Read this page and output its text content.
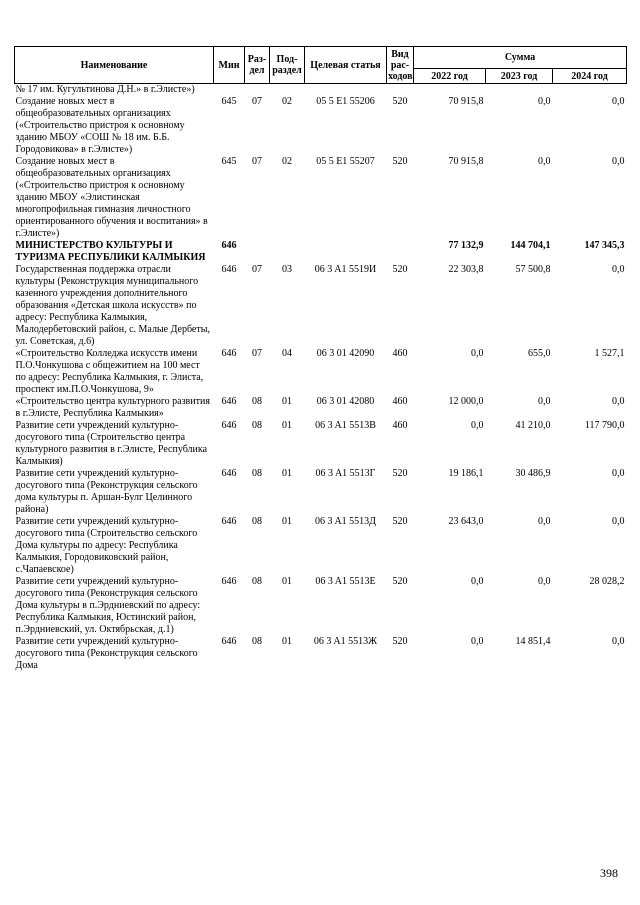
Наименование	Мин	Раз-дел	Под-раздел	Целевая статья	Вид рас-ходов	Сумма		
						2022 год	2023 год	2024 год
№ 17 им. Кугультинова Д.Н.» в г.Элисте»)								
Создание новых мест в общеобразовательных организациях («Строительство пристроя к основному зданию МБОУ «СОШ № 18 им. Б.Б. Городовикова» в г.Элисте»)	645	07	02	05 5 E1 55206	520	70 915,8	0,0	0,0
Создание новых мест в общеобразовательных организациях («Строительство пристроя к основному зданию МБОУ «Элистинская многопрофильная гимназия личностного ориентированного обучения и воспитания» в г.Элисте»)	645	07	02	05 5 E1 55207	520	70 915,8	0,0	0,0
МИНИСТЕРСТВО КУЛЬТУРЫ И ТУРИЗМА РЕСПУБЛИКИ КАЛМЫКИЯ	646					77 132,9	144 704,1	147 345,3
Государственная поддержка отрасли культуры (Реконструкция муниципального казенного учреждения дополнительного образования «Детская школа искусств» по адресу: Республика Калмыкия, Малодербетовский район, с. Малые Дербеты, ул. Советская, д.6)	646	07	03	06 3 A1 5519И	520	22 303,8	57 500,8	0,0
«Строительство Колледжа искусств имени П.О.Чонкушова с общежитием на 100 мест по адресу: Республика Калмыкия, г. Элиста, проспект им.П.О.Чонкушова, 9»	646	07	04	06 3 01 42090	460	0,0	655,0	1 527,1
«Строительство центра культурного развития в г.Элисте, Республика Калмыкия»	646	08	01	06 3 01 42080	460	12 000,0	0,0	0,0
Развитие сети учреждений культурно-досугового типа (Строительство центра культурного развития в г.Элисте, Республика Калмыкия)	646	08	01	06 3 A1 5513В	460	0,0	41 210,0	117 790,0
Развитие сети учреждений культурно-досугового типа (Реконструкция сельского дома культуры п. Аршан-Булг Целинного района)	646	08	01	06 3 A1 5513Г	520	19 186,1	30 486,9	0,0
Развитие сети учреждений культурно-досугового типа (Строительство сельского Дома культуры по адресу: Республика Калмыкия, Городовиковский район, с.Чапаевское)	646	08	01	06 3 A1 5513Д	520	23 643,0	0,0	0,0
Развитие сети учреждений культурно-досугового типа (Реконструкция сельского Дома культуры в п.Эрдниевский по адресу: Республика Калмыкия, Юстинский район, п.Эрдниевский, ул. Октябрьская, д.1)	646	08	01	06 3 A1 5513Е	520	0,0	0,0	28 028,2
Развитие сети учреждений культурно-досугового типа (Реконструкция сельского Дома	646	08	01	06 3 A1 5513Ж	520	0,0	14 851,4	0,0
398
